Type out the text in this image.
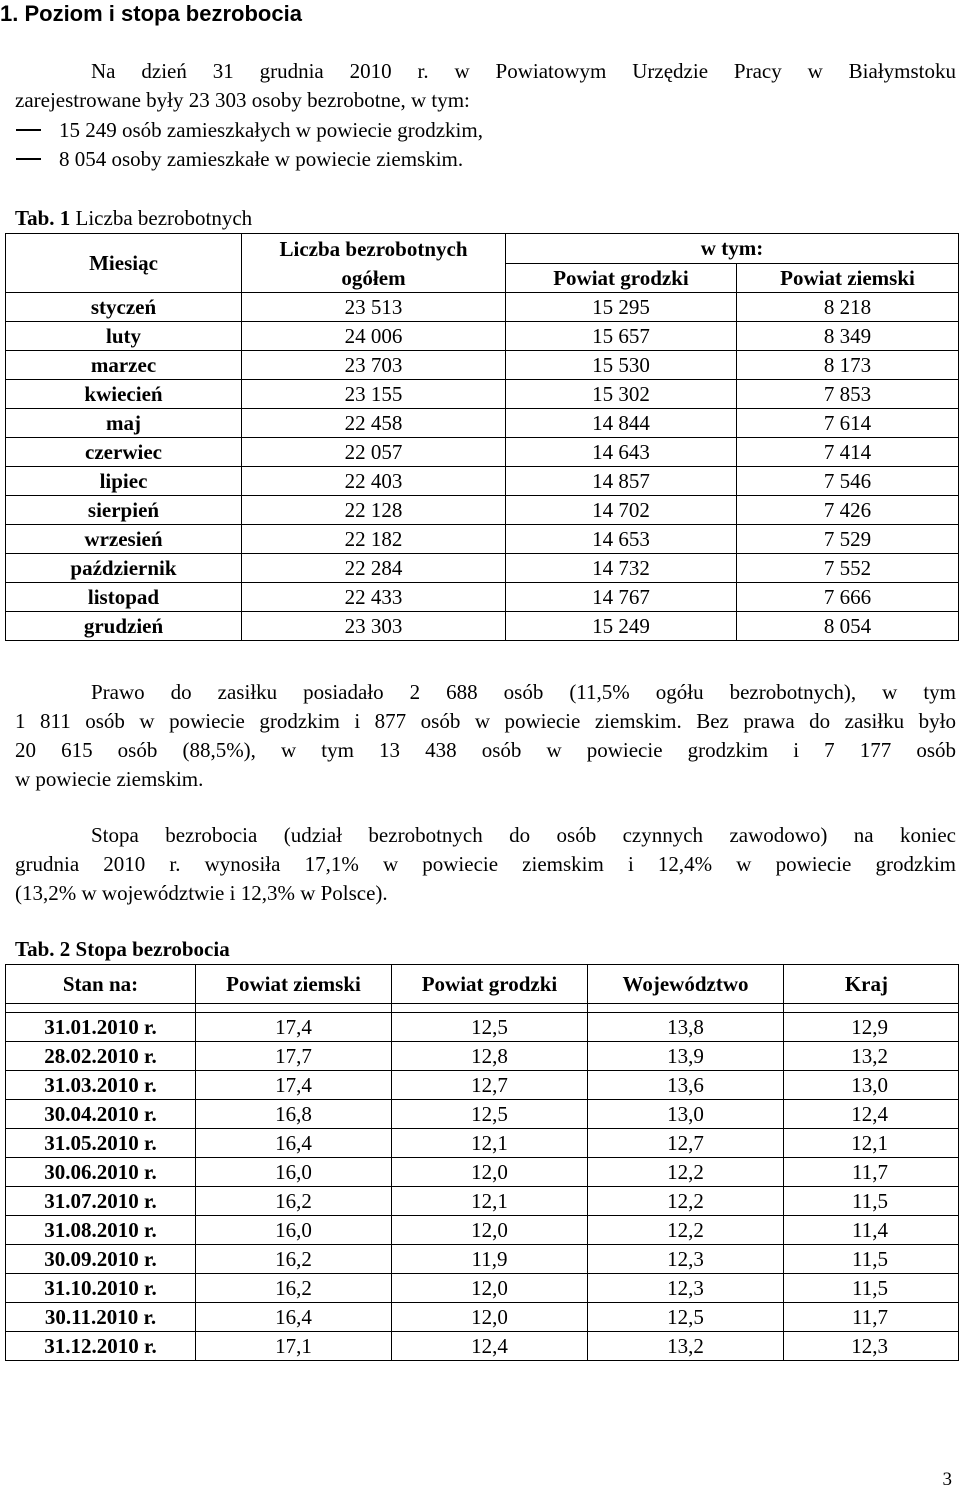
1. Poziom i stopa bezrobocia

Na dzień 31 grudnia 2010 r. w Powiatowym Urzędzie Pracy w Białymstoku
zarejestrowane były 23 303 osoby bezrobotne, w tym:

15 249 osób zamieszkałych w powiecie grodzkim,
8 054 osoby zamieszkałe w powiecie ziemskim.
Tab. 1 Liczba bezrobotnych
Miesiąc	Liczba bezrobotnych	w tym:	
	ogółem	Powiat grodzki	Powiat ziemski
styczeń	23 513	15 295	8 218
luty	24 006	15 657	8 349
marzec	23 703	15 530	8 173
kwiecień	23 155	15 302	7 853
maj	22 458	14 844	7 614
czerwiec	22 057	14 643	7 414
lipiec	22 403	14 857	7 546
sierpień	22 128	14 702	7 426
wrzesień	22 182	14 653	7 529
październik	22 284	14 732	7 552
listopad	22 433	14 767	7 666
grudzień	23 303	15 249	8 054

Prawo do zasiłku posiadało 2 688 osób (11,5% ogółu bezrobotnych), w tym
1 811 osób w powiecie grodzkim i 877 osób w powiecie ziemskim. Bez prawa do zasiłku było
20 615 osób (88,5%), w tym 13 438 osób w powiecie grodzkim i 7 177 osób
w powiecie ziemskim.

Stopa bezrobocia (udział bezrobotnych do osób czynnych zawodowo) na koniec
grudnia 2010 r. wynosiła 17,1% w powiecie ziemskim i 12,4% w powiecie grodzkim
(13,2% w województwie i 12,3% w Polsce).

Tab. 2 Stopa bezrobocia
Stan na:	Powiat ziemski	Powiat grodzki	Województwo	Kraj

31.01.2010 r.	17,4	12,5	13,8	12,9
28.02.2010 r.	17,7	12,8	13,9	13,2
31.03.2010 r.	17,4	12,7	13,6	13,0
30.04.2010 r.	16,8	12,5	13,0	12,4
31.05.2010 r.	16,4	12,1	12,7	12,1
30.06.2010 r.	16,0	12,0	12,2	11,7
31.07.2010 r.	16,2	12,1	12,2	11,5
31.08.2010 r.	16,0	12,0	12,2	11,4
30.09.2010 r.	16,2	11,9	12,3	11,5
31.10.2010 r.	16,2	12,0	12,3	11,5
30.11.2010 r.	16,4	12,0	12,5	11,7
31.12.2010 r.	17,1	12,4	13,2	12,3
3
